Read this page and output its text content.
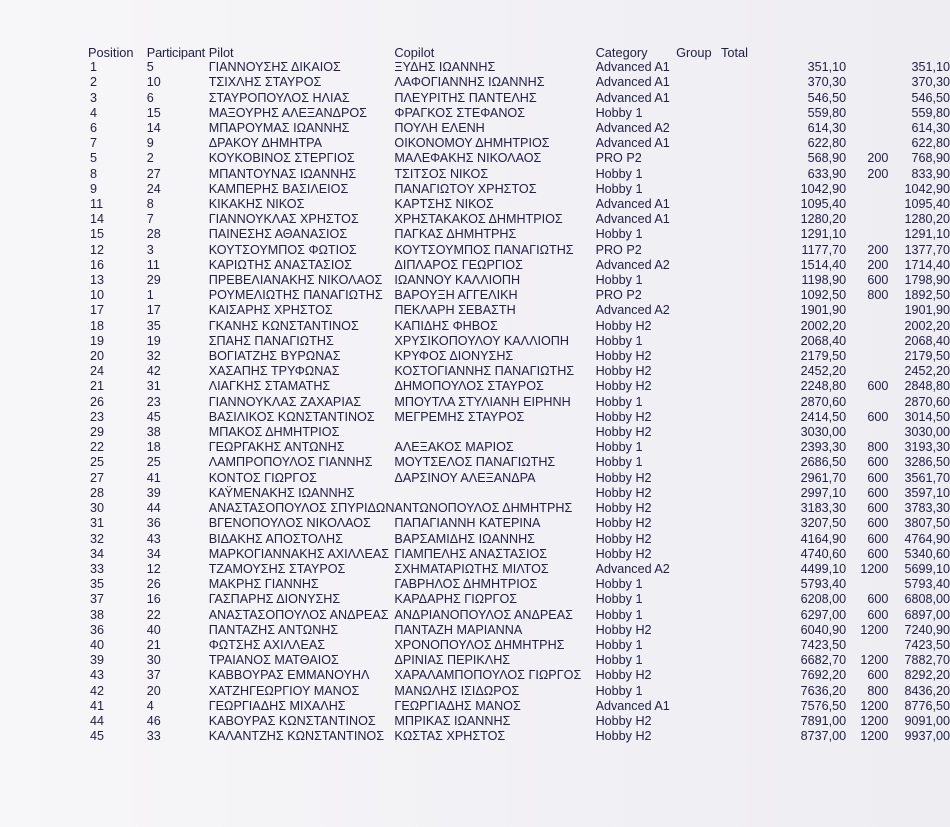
Position	Participant	Pilot	Copilot	Category	Group	Total			
1	5	ΓΙΑΝΝΟΥΣΗΣ ΔΙΚΑΙΟΣ	ΞΥΔΗΣ ΙΩΑΝΝΗΣ	Advanced A1			351,10		351,10
2	10	ΤΣΙΧΛΗΣ ΣΤΑΥΡΟΣ	ΛΑΦΟΓΙΑΝΝΗΣ ΙΩΑΝΝΗΣ	Advanced A1			370,30		370,30
3	6	ΣΤΑΥΡΟΠΟΥΛΟΣ ΗΛΙΑΣ	ΠΛΕΥΡΙΤΗΣ ΠΑΝΤΕΛΗΣ	Advanced A1			546,50		546,50
4	15	ΜΑΞΟΥΡΗΣ ΑΛΕΞΑΝΔΡΟΣ	ΦΡΑΓΚΟΣ ΣΤΕΦΑΝΟΣ	Hobby 1			559,80		559,80
6	14	ΜΠΑΡΟΥΜΑΣ ΙΩΑΝΝΗΣ	ΠΟΥΛΗ ΕΛΕΝΗ	Advanced A2			614,30		614,30
7	9	ΔΡΑΚΟΥ ΔΗΜΗΤΡΑ	ΟΙΚΟΝΟΜΟΥ ΔΗΜΗΤΡΙΟΣ	Advanced A1			622,80		622,80
5	2	ΚΟΥΚΟΒΙΝΟΣ ΣΤΕΡΓΙΟΣ	ΜΑΛΕΦΑΚΗΣ ΝΙΚΟΛΑΟΣ	PRO P2			568,90	200	768,90
8	27	ΜΠΑΝΤΟΥΝΑΣ ΙΩΑΝΝΗΣ	ΤΣΙΤΣΟΣ ΝΙΚΟΣ	Hobby 1			633,90	200	833,90
9	24	ΚΑΜΠΕΡΗΣ ΒΑΣΙΛΕΙΟΣ	ΠΑΝΑΓΙΩΤΟΥ ΧΡΗΣΤΟΣ	Hobby 1			1042,90		1042,90
11	8	ΚΙΚΑΚΗΣ ΝΙΚΟΣ	ΚΑΡΤΣΗΣ ΝΙΚΟΣ	Advanced A1			1095,40		1095,40
14	7	ΓΙΑΝΝΟΥΚΛΑΣ ΧΡΗΣΤΟΣ	ΧΡΗΣΤΑΚΑΚΟΣ ΔΗΜΗΤΡΙΟΣ	Advanced A1			1280,20		1280,20
15	28	ΠΑΙΝΕΣΗΣ ΑΘΑΝΑΣΙΟΣ	ΠΑΓΚΑΣ ΔΗΜΗΤΡΗΣ	Hobby 1			1291,10		1291,10
12	3	ΚΟΥΤΣΟΥΜΠΟΣ ΦΩΤΙΟΣ	ΚΟΥΤΣΟΥΜΠΟΣ ΠΑΝΑΓΙΩΤΗΣ	PRO P2			1177,70	200	1377,70
16	11	ΚΑΡΙΩΤΗΣ ΑΝΑΣΤΑΣΙΟΣ	ΔΙΠΛΑΡΟΣ ΓΕΩΡΓΙΟΣ	Advanced A2			1514,40	200	1714,40
13	29	ΠΡΕΒΕΛΙΑΝΑΚΗΣ ΝΙΚΟΛΑΟΣ	ΙΩΑΝΝΟΥ ΚΑΛΛΙΟΠΗ	Hobby 1			1198,90	600	1798,90
10	1	ΡΟΥΜΕΛΙΩΤΗΣ ΠΑΝΑΓΙΩΤΗΣ	ΒΑΡΟΥΞΗ ΑΓΓΕΛΙΚΗ	PRO P2			1092,50	800	1892,50
17	17	ΚΑΙΣΑΡΗΣ ΧΡΗΣΤΟΣ	ΠΕΚΛΑΡΗ ΣΕΒΑΣΤΗ	Advanced A2			1901,90		1901,90
18	35	ΓΚΑΝΗΣ ΚΩΝΣΤΑΝΤΙΝΟΣ	ΚΑΠΙΔΗΣ ΦΗΒΟΣ	Hobby H2			2002,20		2002,20
19	19	ΣΠΑΗΣ ΠΑΝΑΓΙΩΤΗΣ	ΧΡΥΣΙΚΟΠΟΥΛΟΥ ΚΑΛΛΙΟΠΗ	Hobby 1			2068,40		2068,40
20	32	ΒΟΓΙΑΤΖΗΣ ΒΥΡΩΝΑΣ	ΚΡΥΦΟΣ ΔΙΟΝΥΣΗΣ	Hobby H2			2179,50		2179,50
24	42	ΧΑΣΑΠΗΣ ΤΡΥΦΩΝΑΣ	ΚΟΣΤΟΓΙΑΝΝΗΣ ΠΑΝΑΓΙΩΤΗΣ	Hobby H2			2452,20		2452,20
21	31	ΛΙΑΓΚΗΣ ΣΤΑΜΑΤΗΣ	ΔΗΜΟΠΟΥΛΟΣ ΣΤΑΥΡΟΣ	Hobby H2			2248,80	600	2848,80
26	23	ΓΙΑΝΝΟΥΚΛΑΣ ΖΑΧΑΡΙΑΣ	ΜΠΟΥΤΛΑ ΣΤΥΛΙΑΝΗ ΕΙΡΗΝΗ	Hobby 1			2870,60		2870,60
23	45	ΒΑΣΙΛΙΚΟΣ ΚΩΝΣΤΑΝΤΙΝΟΣ	ΜΕΓΡΕΜΗΣ ΣΤΑΥΡΟΣ	Hobby H2			2414,50	600	3014,50
29	38	ΜΠΑΚΟΣ ΔΗΜΗΤΡΙΟΣ		Hobby H2			3030,00		3030,00
22	18	ΓΕΩΡΓΑΚΗΣ ΑΝΤΩΝΗΣ	ΑΛΕΞΑΚΟΣ ΜΑΡΙΟΣ	Hobby 1			2393,30	800	3193,30
25	25	ΛΑΜΠΡΟΠΟΥΛΟΣ ΓΙΑΝΝΗΣ	ΜΟΥΤΣΕΛΟΣ ΠΑΝΑΓΙΩΤΗΣ	Hobby 1			2686,50	600	3286,50
27	41	ΚΟΝΤΟΣ ΓΙΩΡΓΟΣ	ΔΑΡΣΙΝΟΥ ΑΛΕΞΑΝΔΡΑ	Hobby H2			2961,70	600	3561,70
28	39	ΚΑΫΜΕΝΑΚΗΣ ΙΩΑΝΝΗΣ		Hobby H2			2997,10	600	3597,10
30	44	ΑΝΑΣΤΑΣΟΠΟΥΛΟΣ ΣΠΥΡΙΔΩΝ	ΑΝΤΩΝΟΠΟΥΛΟΣ ΔΗΜΗΤΡΗΣ	Hobby H2			3183,30	600	3783,30
31	36	ΒΓΕΝΟΠΟΥΛΟΣ ΝΙΚΟΛΑΟΣ	ΠΑΠΑΓΙΑΝΝΗ ΚΑΤΕΡΙΝΑ	Hobby H2			3207,50	600	3807,50
32	43	ΒΙΔΑΚΗΣ ΑΠΟΣΤΟΛΗΣ	ΒΑΡΣΑΜΙΔΗΣ ΙΩΑΝΝΗΣ	Hobby H2			4164,90	600	4764,90
34	34	ΜΑΡΚΟΓΙΑΝΝΑΚΗΣ ΑΧΙΛΛΕΑΣ	ΓΙΑΜΠΕΛΗΣ ΑΝΑΣΤΑΣΙΟΣ	Hobby H2			4740,60	600	5340,60
33	12	ΤΖΑΜΟΥΣΗΣ ΣΤΑΥΡΟΣ	ΣΧΗΜΑΤΑΡΙΩΤΗΣ ΜΙΛΤΟΣ	Advanced A2			4499,10	1200	5699,10
35	26	ΜΑΚΡΗΣ ΓΙΑΝΝΗΣ	ΓΑΒΡΗΛΟΣ ΔΗΜΗΤΡΙΟΣ	Hobby 1			5793,40		5793,40
37	16	ΓΑΣΠΑΡΗΣ ΔΙΟΝΥΣΗΣ	ΚΑΡΔΑΡΗΣ ΓΙΩΡΓΟΣ	Hobby 1			6208,00	600	6808,00
38	22	ΑΝΑΣΤΑΣΟΠΟΥΛΟΣ ΑΝΔΡΕΑΣ	ΑΝΔΡΙΑΝΟΠΟΥΛΟΣ ΑΝΔΡΕΑΣ	Hobby 1			6297,00	600	6897,00
36	40	ΠΑΝΤΑΖΗΣ ΑΝΤΩΝΗΣ	ΠΑΝΤΑΖΗ ΜΑΡΙΑΝΝΑ	Hobby H2			6040,90	1200	7240,90
40	21	ΦΩΤΣΗΣ ΑΧΙΛΛΕΑΣ	ΧΡΟΝΟΠΟΥΛΟΣ ΔΗΜΗΤΡΗΣ	Hobby 1			7423,50		7423,50
39	30	ΤΡΑΙΑΝΟΣ ΜΑΤΘΑΙΟΣ	ΔΡΙΝΙΑΣ ΠΕΡΙΚΛΗΣ	Hobby 1			6682,70	1200	7882,70
43	37	ΚΑΒΒΟΥΡΑΣ ΕΜΜΑΝΟΥΗΛ	ΧΑΡΑΛΑΜΠΟΠΟΥΛΟΣ ΓΙΩΡΓΟΣ	Hobby H2			7692,20	600	8292,20
42	20	ΧΑΤΖΗΓΕΩΡΓΙΟΥ ΜΑΝΟΣ	ΜΑΝΩΛΗΣ ΙΣΙΔΩΡΟΣ	Hobby 1			7636,20	800	8436,20
41	4	ΓΕΩΡΓΙΑΔΗΣ ΜΙΧΑΛΗΣ	ΓΕΩΡΓΙΑΔΗΣ ΜΑΝΟΣ	Advanced A1			7576,50	1200	8776,50
44	46	ΚΑΒΟΥΡΑΣ ΚΩΝΣΤΑΝΤΙΝΟΣ	ΜΠΡΙΚΑΣ ΙΩΑΝΝΗΣ	Hobby H2			7891,00	1200	9091,00
45	33	ΚΑΛΑΝΤΖΗΣ ΚΩΝΣΤΑΝΤΙΝΟΣ	ΚΩΣΤΑΣ ΧΡΗΣΤΟΣ	Hobby H2			8737,00	1200	9937,00
